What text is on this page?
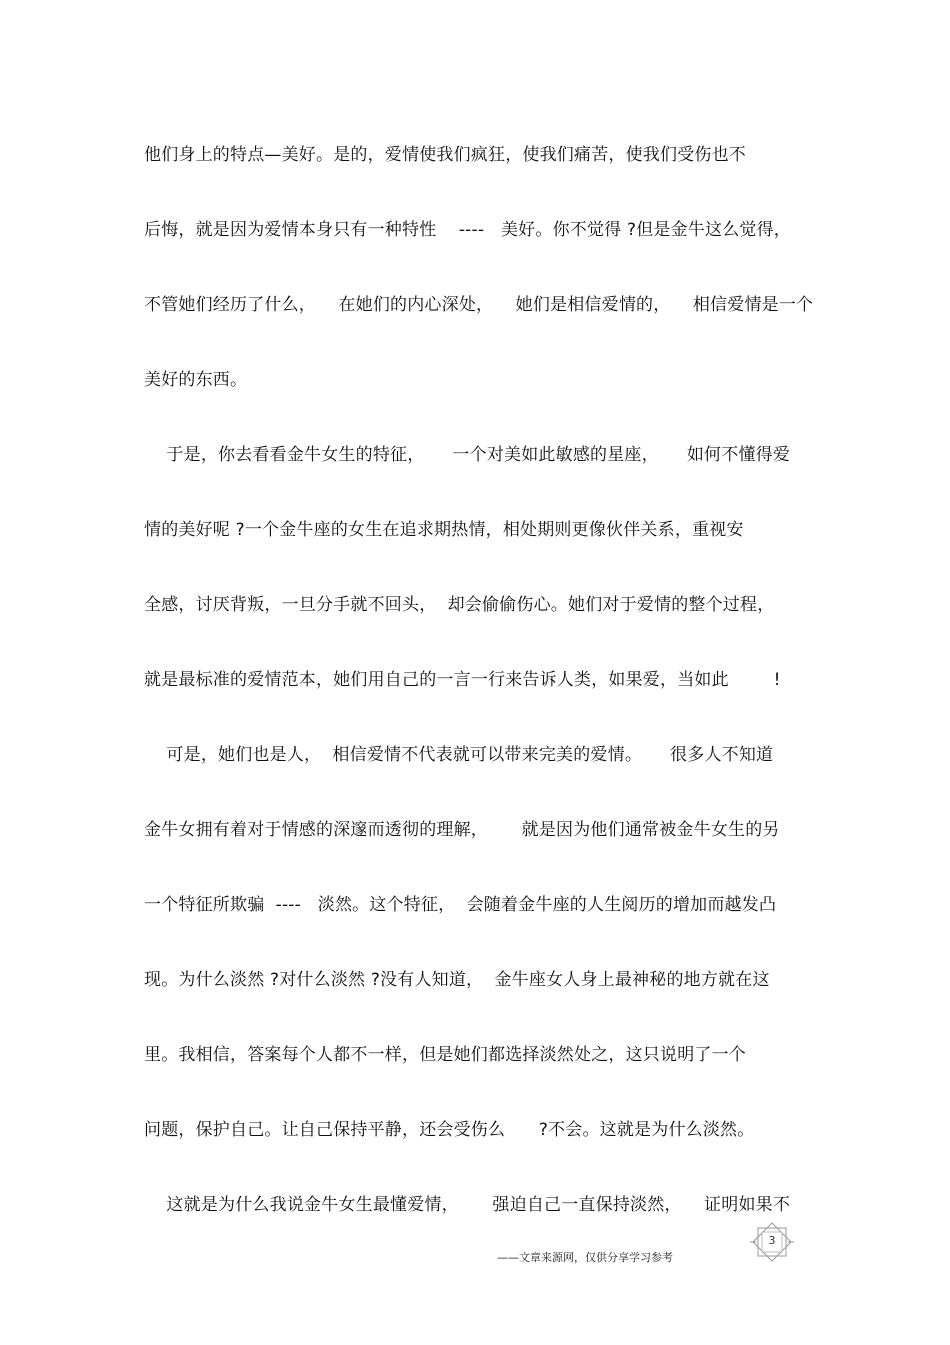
他们身上的特点—美好。是的，爱情使我们疯狂，使我们痛苦，使我们受伤也不
后悔，就是因为爱情本身只有一种特性    ----   美好。你不觉得 ?但是金牛这么觉得，
不管她们经历了什么，    在她们的内心深处，    她们是相信爱情的，    相信爱情是一个
美好的东西。
于是，你去看看金牛女生的特征，     一个对美如此敏感的星座，     如何不懂得爱
情的美好呢 ?一个金牛座的女生在追求期热情，相处期则更像伙伴关系，重视安
全感，讨厌背叛，一旦分手就不回头，  却会偷偷伤心。她们对于爱情的整个过程，
就是最标准的爱情范本，她们用自己的一言一行来告诉人类，如果爱，当如此        !
可是，她们也是人，  相信爱情不代表就可以带来完美的爱情。     很多人不知道
金牛女拥有着对于情感的深邃而透彻的理解，      就是因为他们通常被金牛女生的另
一个特征所欺骗  ----   淡然。这个特征，  会随着金牛座的人生阅历的增加而越发凸
现。为什么淡然 ?对什么淡然 ?没有人知道，  金牛座女人身上最神秘的地方就在这
里。我相信，答案每个人都不一样，但是她们都选择淡然处之，这只说明了一个
问题，保护自己。让自己保持平静，还会受伤么      ?不会。这就是为什么淡然。
这就是为什么我说金牛女生最懂爱情，      强迫自己一直保持淡然，    证明如果不
——文章来源网，仅供分享学习参考
3
